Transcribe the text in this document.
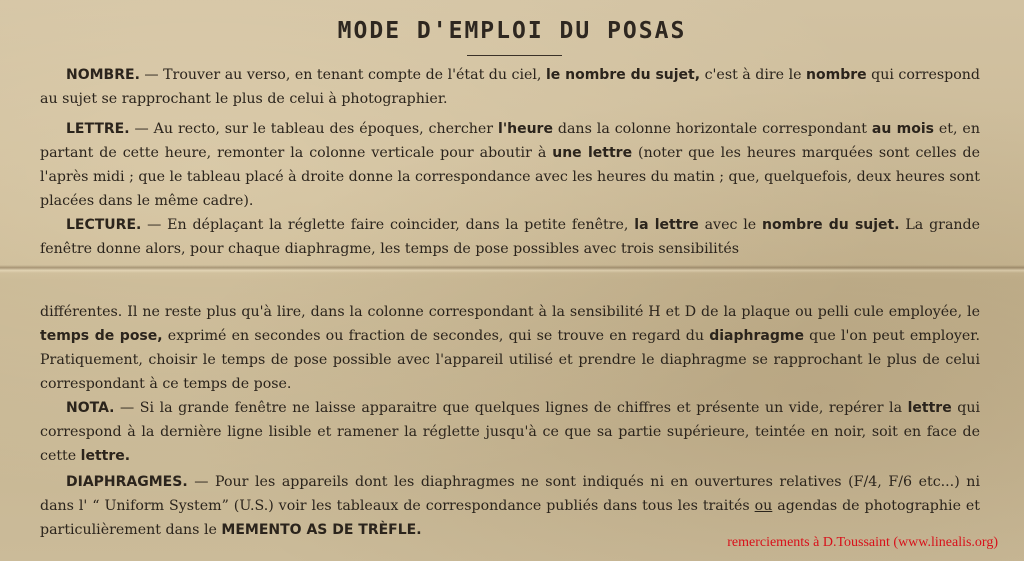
MODE D'EMPLOI DU POSAS

NOMBRE. — Trouver au verso, en tenant compte de l'état du ciel, le nombre du sujet, c'est à dire le nombre qui correspond au sujet se rapprochant le plus de celui à photographier.

LETTRE. — Au recto, sur le tableau des époques, chercher l'heure dans la colonne horizontale correspondant au mois et, en partant de cette heure, remonter la colonne verticale pour aboutir à une lettre (noter que les heures marquées sont celles de l'après midi ; que le tableau placé à droite donne la correspondance avec les heures du matin ; que, quelquefois, deux heures sont placées dans le même cadre).

LECTURE. — En déplaçant la réglette faire coincider, dans la petite fenêtre, la lettre avec le nombre du sujet. La grande fenêtre donne alors, pour chaque diaphragme, les temps de pose possibles avec trois sensibilités

différentes. Il ne reste plus qu'à lire, dans la colonne correspondant à la sensibilité H et D de la plaque ou pelli cule employée, le temps de pose, exprimé en secondes ou fraction de secondes, qui se trouve en regard du diaphragme que l'on peut employer. Pratiquement, choisir le temps de pose possible avec l'appareil utilisé et prendre le diaphragme se rapprochant le plus de celui correspondant à ce temps de pose.

NOTA. — Si la grande fenêtre ne laisse apparaitre que quelques lignes de chiffres et présente un vide, repérer la lettre qui correspond à la dernière ligne lisible et ramener la réglette jusqu'à ce que sa partie supérieure, teintée en noir, soit en face de cette lettre.

DIAPHRAGMES. — Pour les appareils dont les diaphragmes ne sont indiqués ni en ouvertures relatives (F/4, F/6 etc...) ni dans l' “ Uniform System” (U.S.) voir les tableaux de correspondance publiés dans tous les traités ou agendas de photographie et particulièrement dans le MEMENTO AS DE TRÈFLE.

remerciements à D.Toussaint (www.linealis.org)
